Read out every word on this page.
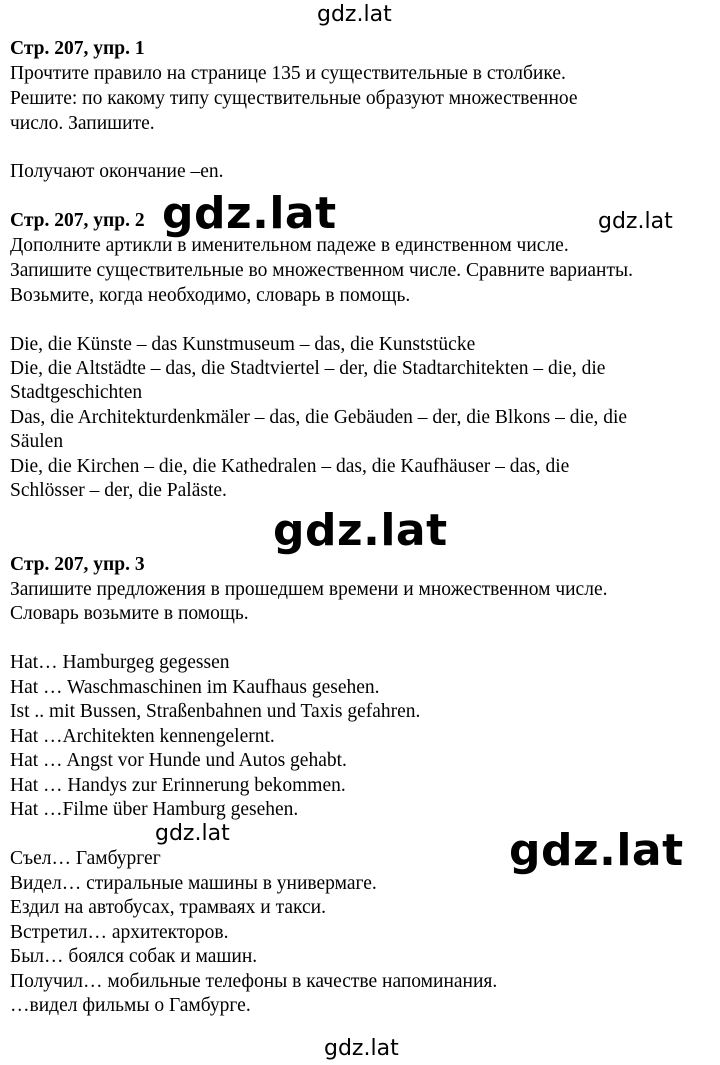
gdz.lat
gdz.lat	gdz.lat
gdz.lat
gdz.lat	gdz.lat
gdz.lat
Стр. 207, упр. 1
Прочтите правило на странице 135 и существительные в столбике.
Решите: по какому типу существительные образуют множественное
число. Запишите.
Получают окончание –en.
Стр. 207, упр. 2
Дополните артикли в именительном падеже в единственном числе.
Запишите существительные во множественном числе. Сравните варианты.
Возьмите, когда необходимо, словарь в помощь.
Die, die Künste – das Kunstmuseum – das, die Kunststücke
Die, die Altstädte – das, die Stadtviertel – der, die Stadtarchitekten – die, die
Stadtgeschichten
Das, die Architekturdenkmäler – das, die Gebäuden – der, die Blkons – die, die
Säulen
Die, die Kirchen – die, die Kathedralen – das, die Kaufhäuser – das, die
Schlösser – der, die Paläste.
Стр. 207, упр. 3
Запишите предложения в прошедшем времени и множественном числе.
Словарь возьмите в помощь.
Hat… Hamburgeg gegessen
Hat … Waschmaschinen im Kaufhaus gesehen.
Ist .. mit Bussen, Straßenbahnen und Taxis gefahren.
Hat …Architekten kennengelernt.
Hat … Angst vor Hunde und Autos gehabt.
Hat … Handys zur Erinnerung bekommen.
Hat …Filme über Hamburg gesehen.
Съел… Гамбургег
Видел… стиральные машины в универмаге.
Ездил на автобусах, трамваях и такси.
Встретил… архитекторов.
Был… боялся собак и машин.
Получил… мобильные телефоны в качестве напоминания.
…видел фильмы о Гамбурге.
